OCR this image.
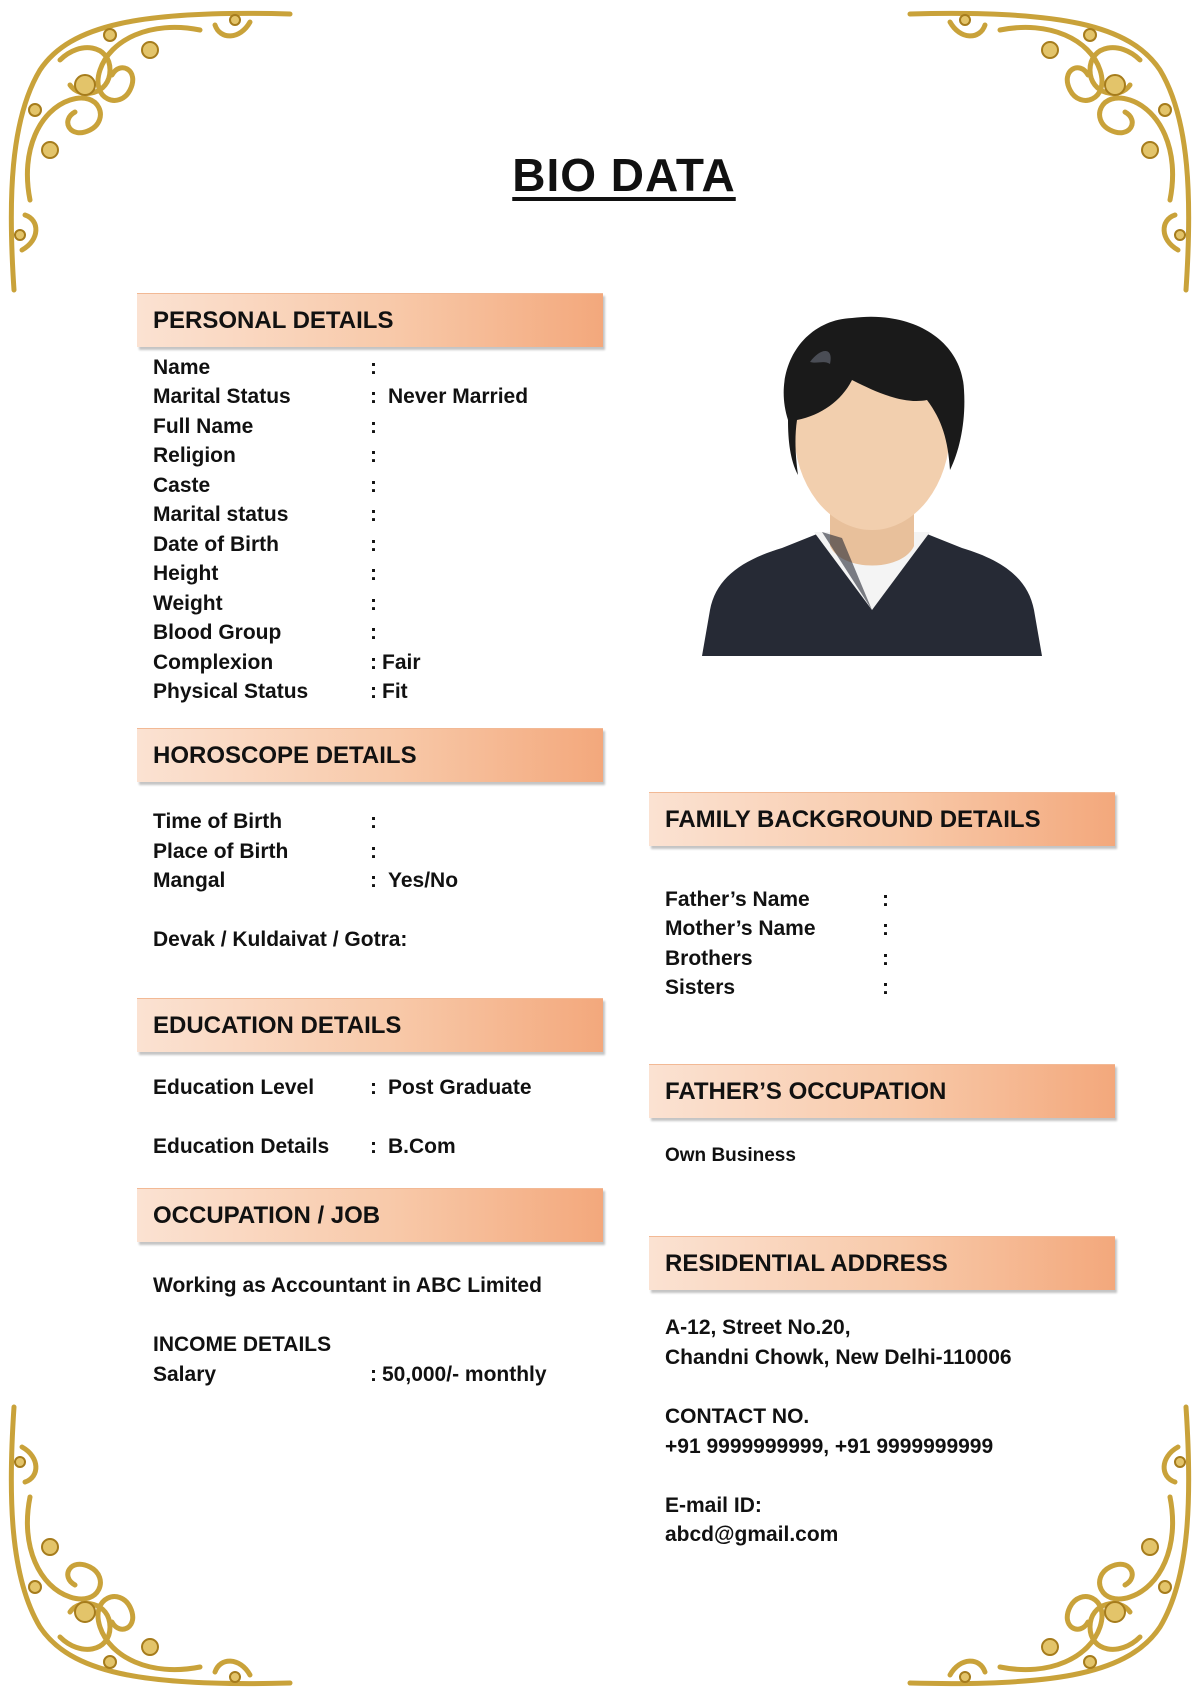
BIO DATA
PERSONAL DETAILS
Name	:
Marital Status	: Never Married
Full Name	:
Religion	:
Caste	:
Marital status	:
Date of Birth	:
Height	:
Weight	:
Blood Group	:
Complexion	: Fair
Physical Status	: Fit
HOROSCOPE DETAILS
Time of Birth	:
Place of Birth	:
Mangal	: Yes/No
Devak / Kuldaivat / Gotra:
EDUCATION DETAILS
Education Level	: Post Graduate
Education Details : B.Com
OCCUPATION / JOB
Working as Accountant in ABC Limited
INCOME DETAILS
Salary	: 50,000/- monthly
FAMILY BACKGROUND DETAILS
Father’s Name	:
Mother’s Name	:
Brothers	:
Sisters	:
FATHER’S OCCUPATION
Own Business
RESIDENTIAL ADDRESS
A-12, Street No.20,
Chandni Chowk, New Delhi-110006
CONTACT NO.
+91 9999999999, +91 9999999999
E-mail ID:
abcd@gmail.com
